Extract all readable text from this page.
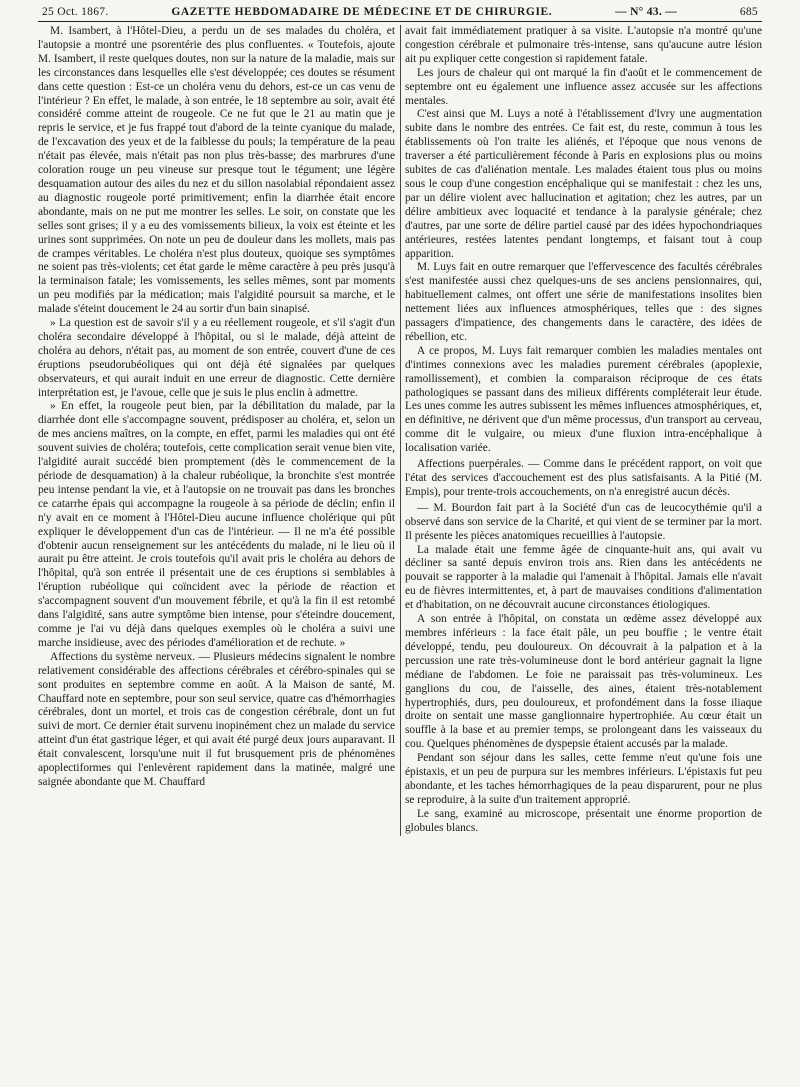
25 Oct. 1867.	GAZETTE HEBDOMADAIRE DE MÉDECINE ET DE CHIRURGIE.	— N° 43. —	685

M. Isambert, à l'Hôtel-Dieu, a perdu un de ses malades du choléra, et l'autopsie a montré une psorentérie des plus confluentes. « Toutefois, ajoute M. Isambert, il reste quelques doutes, non sur la nature de la maladie, mais sur les circonstances dans lesquelles elle s'est développée; ces doutes se résument dans cette question : Est-ce un choléra venu du dehors, est-ce un cas venu de l'intérieur ? En effet, le malade, à son entrée, le 18 septembre au soir, avait été considéré comme atteint de rougeole. Ce ne fut que le 21 au matin que je repris le service, et je fus frappé tout d'abord de la teinte cyanique du malade, de l'excavation des yeux et de la faiblesse du pouls; la température de la peau n'était pas élevée, mais n'était pas non plus très-basse; des marbrures d'une coloration rouge un peu vineuse sur presque tout le tégument; une légère desquamation autour des ailes du nez et du sillon nasolabial répondaient assez au diagnostic rougeole porté primitivement; enfin la diarrhée était encore abondante, mais on ne put me montrer les selles. Le soir, on constate que les selles sont grises; il y a eu des vomissements bilieux, la voix est éteinte et les urines sont supprimées. On note un peu de douleur dans les mollets, mais pas de crampes véritables. Le choléra n'est plus douteux, quoique ses symptômes ne soient pas très-violents; cet état garde le même caractère à peu près jusqu'à la terminaison fatale; les vomissements, les selles mêmes, sont par moments un peu modifiés par la médication; mais l'algidité poursuit sa marche, et le malade s'éteint doucement le 24 au sortir d'un bain sinapisé.

» La question est de savoir s'il y a eu réellement rougeole, et s'il s'agit d'un choléra secondaire développé à l'hôpital, ou si le malade, déjà atteint de choléra au dehors, n'était pas, au moment de son entrée, couvert d'une de ces éruptions pseudorubéoliques qui ont déjà été signalées par quelques observateurs, et qui aurait induit en une erreur de diagnostic. Cette dernière interprétation est, je l'avoue, celle que je suis le plus enclin à admettre.

» En effet, la rougeole peut bien, par la débilitation du malade, par la diarrhée dont elle s'accompagne souvent, prédisposer au choléra, et, selon un de mes anciens maîtres, on la compte, en effet, parmi les maladies qui ont été souvent suivies de choléra; toutefois, cette complication serait venue bien vite, l'algidité aurait succédé bien promptement (dès le commencement de la période de desquamation) à la chaleur rubéolique, la bronchite s'est montrée peu intense pendant la vie, et à l'autopsie on ne trouvait pas dans les bronches ce catarrhe épais qui accompagne la rougeole à sa période de déclin; enfin il n'y avait en ce moment à l'Hôtel-Dieu aucune influence cholérique qui pût expliquer le développement d'un cas de l'intérieur. — Il ne m'a été possible d'obtenir aucun renseignement sur les antécédents du malade, ni le lieu où il aurait pu être atteint. Je crois toutefois qu'il avait pris le choléra au dehors de l'hôpital, qu'à son entrée il présentait une de ces éruptions si semblables à l'éruption rubéolique qui coïncident avec la période de réaction et s'accompagnent souvent d'un mouvement fébrile, et qu'à la fin il est retombé dans l'algidité, sans autre symptôme bien intense, pour s'éteindre doucement, comme je l'ai vu déjà dans quelques exemples où le choléra a suivi une marche insidieuse, avec des périodes d'amélioration et de rechute. »

Affections du système nerveux. — Plusieurs médecins signalent le nombre relativement considérable des affections cérébrales et cérébro-spinales qui se sont produites en septembre comme en août. A la Maison de santé, M. Chauffard note en septembre, pour son seul service, quatre cas d'hémorrhagies cérébrales, dont un mortel, et trois cas de congestion cérébrale, dont un fut suivi de mort. Ce dernier était survenu inopinément chez un malade du service atteint d'un état gastrique léger, et qui avait été purgé deux jours auparavant. Il était convalescent, lorsqu'une nuit il fut brusquement pris de phénomènes apoplectiformes qui l'enlevèrent rapidement dans la matinée, malgré une saignée abondante que M. Chauffard

avait fait immédiatement pratiquer à sa visite. L'autopsie n'a montré qu'une congestion cérébrale et pulmonaire très-intense, sans qu'aucune autre lésion ait pu expliquer cette congestion si rapidement fatale.

Les jours de chaleur qui ont marqué la fin d'août et le commencement de septembre ont eu également une influence assez accusée sur les affections mentales.

C'est ainsi que M. Luys a noté à l'établissement d'Ivry une augmentation subite dans le nombre des entrées. Ce fait est, du reste, commun à tous les établissements où l'on traite les aliénés, et l'époque que nous venons de traverser a été particulièrement féconde à Paris en explosions plus ou moins subites de cas d'aliénation mentale. Les malades étaient tous plus ou moins sous le coup d'une congestion encéphalique qui se manifestait : chez les uns, par un délire violent avec hallucination et agitation; chez les autres, par un délire ambitieux avec loquacité et tendance à la paralysie générale; chez d'autres, par une sorte de délire partiel causé par des idées hypochondriaques antérieures, restées latentes pendant longtemps, et faisant tout à coup apparition.

M. Luys fait en outre remarquer que l'effervescence des facultés cérébrales s'est manifestée aussi chez quelques-uns de ses anciens pensionnaires, qui, habituellement calmes, ont offert une série de manifestations insolites bien nettement liées aux influences atmosphériques, telles que : des signes passagers d'impatience, des changements dans le caractère, des idées de rébellion, etc.

A ce propos, M. Luys fait remarquer combien les maladies mentales ont d'intimes connexions avec les maladies purement cérébrales (apoplexie, ramollissement), et combien la comparaison réciproque de ces états pathologiques se passant dans des milieux différents compléterait leur étude. Les unes comme les autres subissent les mêmes influences atmosphériques, et, en définitive, ne dérivent que d'un même processus, d'un transport au cerveau, comme dit le vulgaire, ou mieux d'une fluxion intra-encéphalique à localisation variée.

Affections puerpérales. — Comme dans le précédent rapport, on voit que l'état des services d'accouchement est des plus satisfaisants. A la Pitié (M. Empis), pour trente-trois accouchements, on n'a enregistré aucun décès.

— M. Bourdon fait part à la Société d'un cas de leucocythémie qu'il a observé dans son service de la Charité, et qui vient de se terminer par la mort. Il présente les pièces anatomiques recueillies à l'autopsie.

La malade était une femme âgée de cinquante-huit ans, qui avait vu décliner sa santé depuis environ trois ans. Rien dans les antécédents ne pouvait se rapporter à la maladie qui l'amenait à l'hôpital. Jamais elle n'avait eu de fièvres intermittentes, et, à part de mauvaises conditions d'alimentation et d'habitation, on ne découvrait aucune circonstances étiologiques.

A son entrée à l'hôpital, on constata un œdème assez développé aux membres inférieurs : la face était pâle, un peu bouffie ; le ventre était développé, tendu, peu douloureux. On découvrait à la palpation et à la percussion une rate très-volumineuse dont le bord antérieur gagnait la ligne médiane de l'abdomen. Le foie ne paraissait pas très-volumineux. Les ganglions du cou, de l'aisselle, des aines, étaient très-notablement hypertrophiés, durs, peu douloureux, et profondément dans la fosse iliaque droite on sentait une masse ganglionnaire hypertrophiée. Au cœur était un souffle à la base et au premier temps, se prolongeant dans les vaisseaux du cou. Quelques phénomènes de dyspepsie étaient accusés par la malade.

Pendant son séjour dans les salles, cette femme n'eut qu'une fois une épistaxis, et un peu de purpura sur les membres inférieurs. L'épistaxis fut peu abondante, et les taches hémorrhagiques de la peau disparurent, pour ne plus se reproduire, à la suite d'un traitement approprié.

Le sang, examiné au microscope, présentait une énorme proportion de globules blancs.
